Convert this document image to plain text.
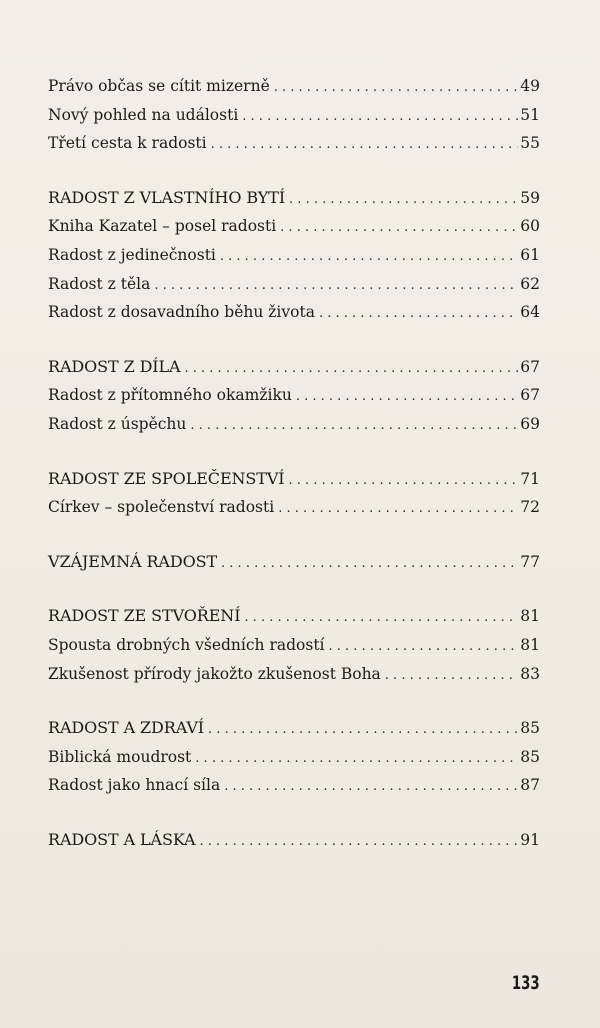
Právo občas se cítit mizerně . . .	49
Nový pohled na události . . .	51
Třetí cesta k radosti . . .	55
RADOST Z VLASTNÍHO BYTÍ . . .	59
Kniha Kazatel – posel radosti . . .	60
Radost z jedinečnosti . . .	61
Radost z těla . . .	62
Radost z dosavadního běhu života . . .	64
RADOST Z DÍLA . . .	67
Radost z přítomného okamžiku . . .	67
Radost z úspěchu . . .	69
RADOST ZE SPOLEČENSTVÍ . . .	71
Církev – společenství radosti . . .	72
VZÁJEMNÁ RADOST . . .	77
RADOST ZE STVOŘENÍ . . .	81
Spousta drobných všedních radostí . . .	81
Zkušenost přírody jakožto zkušenost Boha . . .	83
RADOST A ZDRAVÍ . . .	85
Biblická moudrost . . .	85
Radost jako hnací síla . . .	87
RADOST A LÁSKA . . .	91
133
